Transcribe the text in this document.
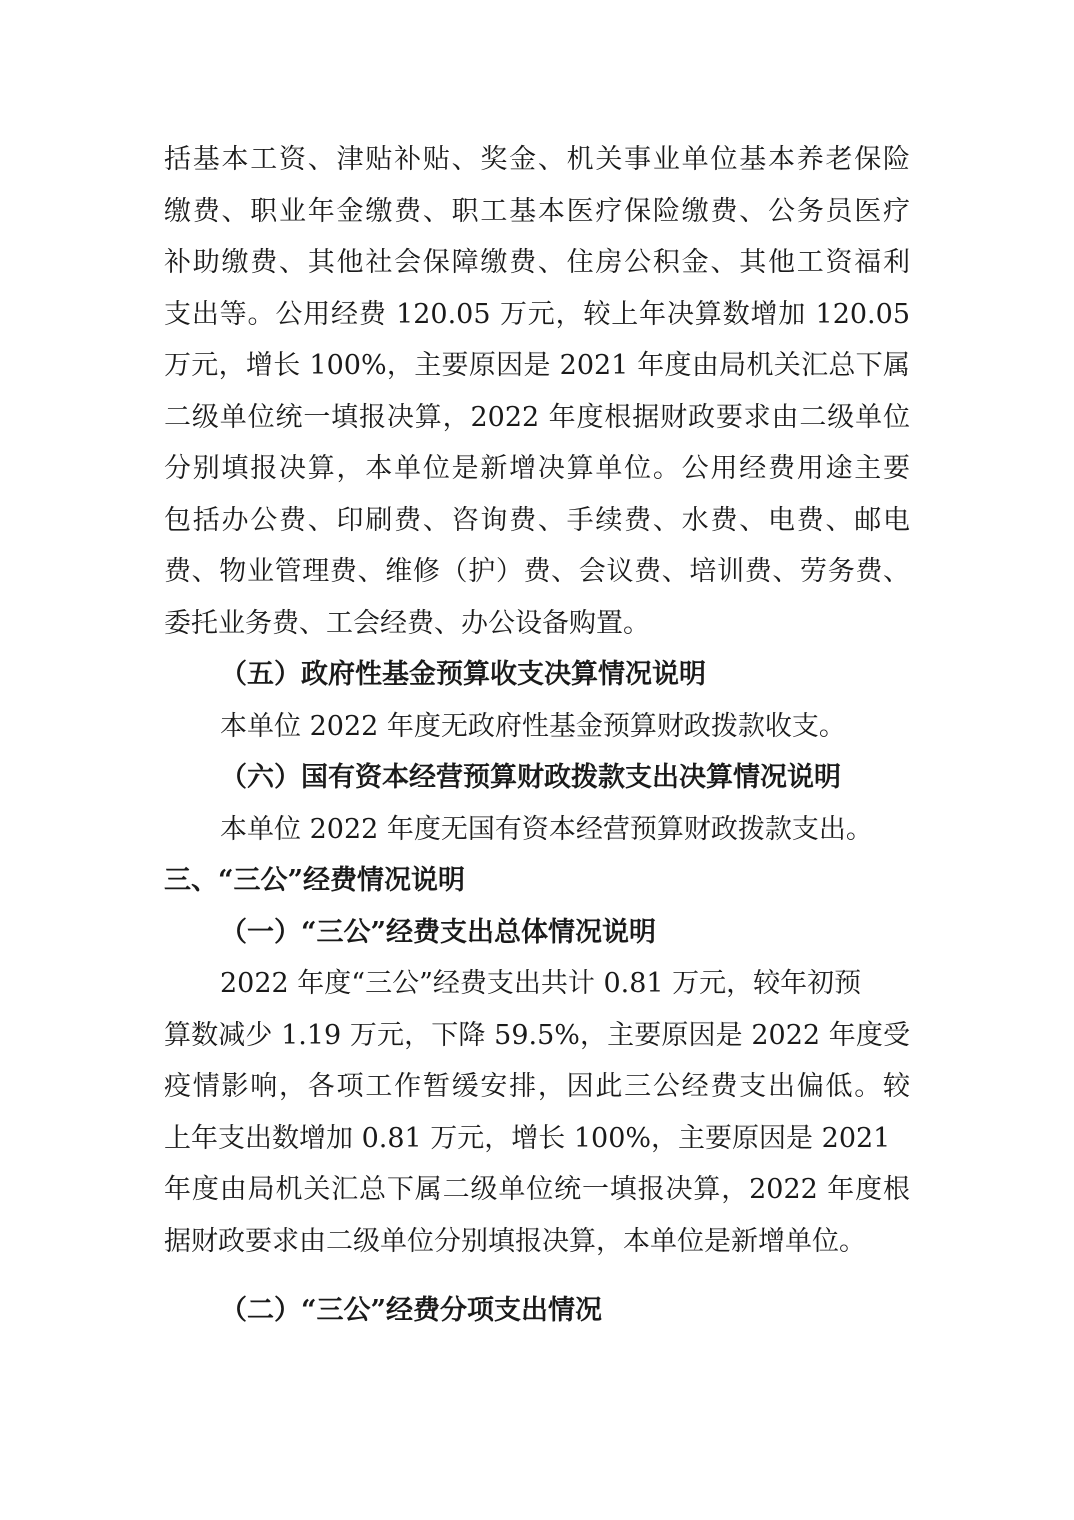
括基本工资、津贴补贴、奖金、机关事业单位基本养老保险

缴费、职业年金缴费、职工基本医疗保险缴费、公务员医疗

补助缴费、其他社会保障缴费、住房公积金、其他工资福利

支出等。公用经费 120.05 万元，较上年决算数增加 120.05

万元，增长 100%，主要原因是 2021 年度由局机关汇总下属

二级单位统一填报决算，2022 年度根据财政要求由二级单位

分别填报决算，本单位是新增决算单位。公用经费用途主要

包括办公费、印刷费、咨询费、手续费、水费、电费、邮电

费、物业管理费、维修（护）费、会议费、培训费、劳务费、

委托业务费、工会经费、办公设备购置。

（五）政府性基金预算收支决算情况说明

本单位 2022 年度无政府性基金预算财政拨款收支。

（六）国有资本经营预算财政拨款支出决算情况说明

本单位 2022 年度无国有资本经营预算财政拨款支出。

三、“三公”经费情况说明

（一）“三公”经费支出总体情况说明

2022 年度“三公”经费支出共计 0.81 万元，较年初预

算数减少 1.19 万元，下降 59.5%，主要原因是 2022 年度受

疫情影响，各项工作暂缓安排，因此三公经费支出偏低。较

上年支出数增加 0.81 万元，增长 100%，主要原因是 2021

年度由局机关汇总下属二级单位统一填报决算，2022 年度根

据财政要求由二级单位分别填报决算，本单位是新增单位。

（二）“三公”经费分项支出情况
